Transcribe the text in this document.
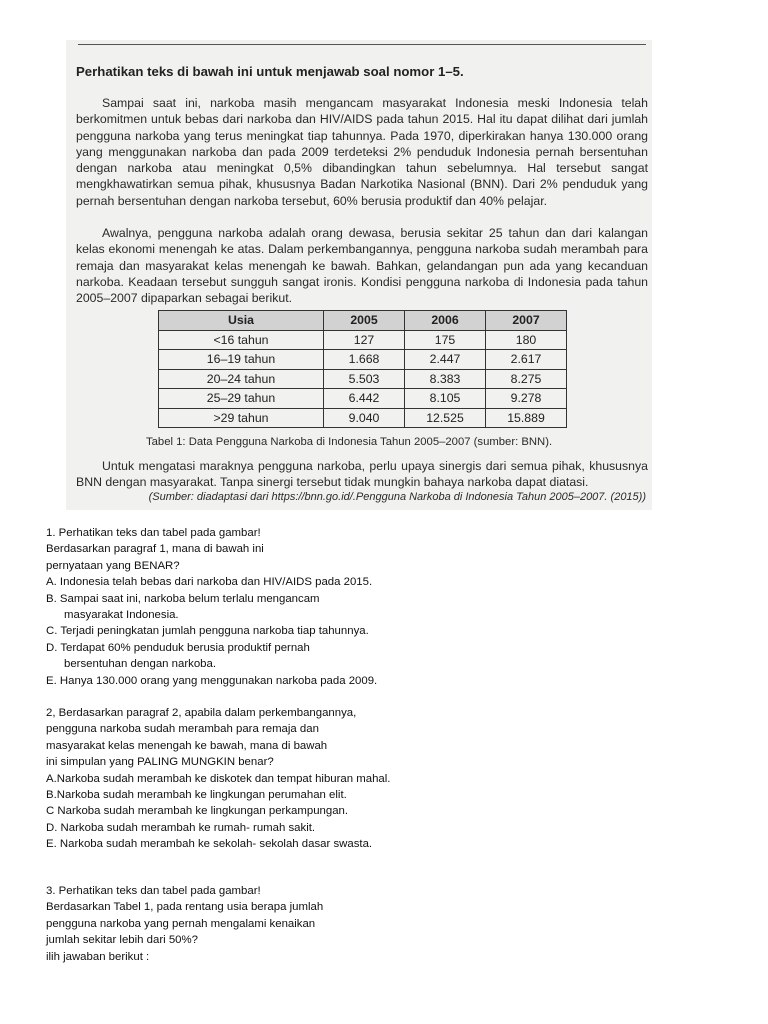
Perhatikan teks di bawah ini untuk menjawab soal nomor 1–5.

Sampai saat ini, narkoba masih mengancam masyarakat Indonesia meski Indonesia telah berkomitmen untuk bebas dari narkoba dan HIV/AIDS pada tahun 2015. Hal itu dapat dilihat dari jumlah pengguna narkoba yang terus meningkat tiap tahunnya. Pada 1970, diperkirakan hanya 130.000 orang yang menggunakan narkoba dan pada 2009 terdeteksi 2% penduduk Indonesia pernah bersentuhan dengan narkoba atau meningkat 0,5% dibandingkan tahun sebelumnya. Hal tersebut sangat mengkhawatirkan semua pihak, khususnya Badan Narkotika Nasional (BNN). Dari 2% penduduk yang pernah bersentuhan dengan narkoba tersebut, 60% berusia produktif dan 40% pelajar.

Awalnya, pengguna narkoba adalah orang dewasa, berusia sekitar 25 tahun dan dari kalangan kelas ekonomi menengah ke atas. Dalam perkembangannya, pengguna narkoba sudah merambah para remaja dan masyarakat kelas menengah ke bawah. Bahkan, gelandangan pun ada yang kecanduan narkoba. Keadaan tersebut sungguh sangat ironis. Kondisi pengguna narkoba di Indonesia pada tahun 2005–2007 dipaparkan sebagai berikut.

Usia	2005	2006	2007
<16 tahun	127	175	180
16–19 tahun	1.668	2.447	2.617
20–24 tahun	5.503	8.383	8.275
25–29 tahun	6.442	8.105	9.278
>29 tahun	9.040	12.525	15.889
Tabel 1: Data Pengguna Narkoba di Indonesia Tahun 2005–2007 (sumber: BNN).

Untuk mengatasi maraknya pengguna narkoba, perlu upaya sinergis dari semua pihak, khususnya BNN dengan masyarakat. Tanpa sinergi tersebut tidak mungkin bahaya narkoba dapat diatasi.

(Sumber: diadaptasi dari https://bnn.go.id/.Pengguna Narkoba di Indonesia Tahun 2005–2007. (2015))
1. Perhatikan teks dan tabel pada gambar!
Berdasarkan paragraf 1, mana di bawah ini
pernyataan yang BENAR?
A. Indonesia telah bebas dari narkoba dan HIV/AIDS pada 2015.
B. Sampai saat ini, narkoba belum terlalu mengancam
masyarakat Indonesia.
C. Terjadi peningkatan jumlah pengguna narkoba tiap tahunnya.
D. Terdapat 60% penduduk berusia produktif pernah
bersentuhan dengan narkoba.
E. Hanya 130.000 orang yang menggunakan narkoba pada 2009.
2, Berdasarkan paragraf 2, apabila dalam perkembangannya,
pengguna narkoba sudah merambah para remaja dan
masyarakat kelas menengah ke bawah, mana di bawah
ini simpulan yang PALING MUNGKIN benar?
A.Narkoba sudah merambah ke diskotek dan tempat hiburan mahal.
B.Narkoba sudah merambah ke lingkungan perumahan elit.
C Narkoba sudah merambah ke lingkungan perkampungan.
D. Narkoba sudah merambah ke rumah- rumah sakit.
E. Narkoba sudah merambah ke sekolah- sekolah dasar swasta.
3. Perhatikan teks dan tabel pada gambar!
Berdasarkan Tabel 1, pada rentang usia berapa jumlah
pengguna narkoba yang pernah mengalami kenaikan
jumlah sekitar lebih dari 50%?
ilih jawaban berikut :
